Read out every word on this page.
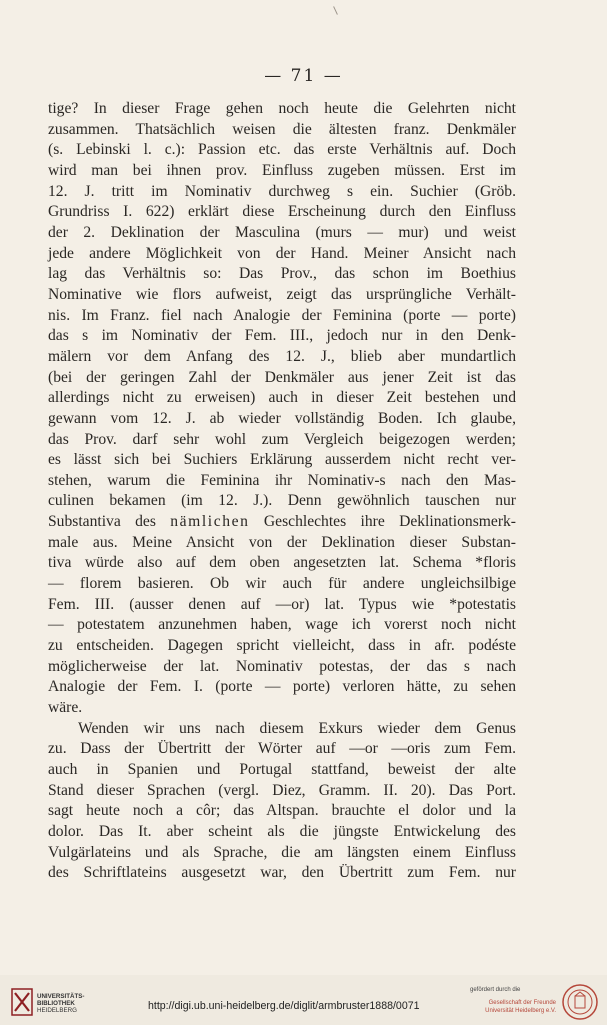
— 71 —
tige? In dieser Frage gehen noch heute die Gelehrten nicht
zusammen. Thatsächlich weisen die ältesten franz. Denkmäler
(s. Lebinski l. c.): Passion etc. das erste Verhältnis auf. Doch
wird man bei ihnen prov. Einfluss zugeben müssen. Erst im
12. J. tritt im Nominativ durchweg s ein. Suchier (Gröb.
Grundriss I. 622) erklärt diese Erscheinung durch den Einfluss
der 2. Deklination der Masculina (murs — mur) und weist
jede andere Möglichkeit von der Hand. Meiner Ansicht nach
lag das Verhältnis so: Das Prov., das schon im Boethius
Nominative wie flors aufweist, zeigt das ursprüngliche Verhält-
nis. Im Franz. fiel nach Analogie der Feminina (porte — porte)
das s im Nominativ der Fem. III., jedoch nur in den Denk-
mälern vor dem Anfang des 12. J., blieb aber mundartlich
(bei der geringen Zahl der Denkmäler aus jener Zeit ist das
allerdings nicht zu erweisen) auch in dieser Zeit bestehen und
gewann vom 12. J. ab wieder vollständig Boden. Ich glaube,
das Prov. darf sehr wohl zum Vergleich beigezogen werden;
es lässt sich bei Suchiers Erklärung ausserdem nicht recht ver-
stehen, warum die Feminina ihr Nominativ-s nach den Mas-
culinen bekamen (im 12. J.). Denn gewöhnlich tauschen nur
Substantiva des nämlichen Geschlechtes ihre Deklinationsmerk-
male aus. Meine Ansicht von der Deklination dieser Substan-
tiva würde also auf dem oben angesetzten lat. Schema *floris
— florem basieren. Ob wir auch für andere ungleichsilbige
Fem. III. (ausser denen auf —or) lat. Typus wie *potestatis
— potestatem anzunehmen haben, wage ich vorerst noch nicht
zu entscheiden. Dagegen spricht vielleicht, dass in afr. podéste
möglicherweise der lat. Nominativ potestas, der das s nach
Analogie der Fem. I. (porte — porte) verloren hätte, zu sehen
wäre.
Wenden wir uns nach diesem Exkurs wieder dem Genus
zu. Dass der Übertritt der Wörter auf —or —oris zum Fem.
auch in Spanien und Portugal stattfand, beweist der alte
Stand dieser Sprachen (vergl. Diez, Gramm. II. 20). Das Port.
sagt heute noch a côr; das Altspan. brauchte el dolor und la
dolor. Das It. aber scheint als die jüngste Entwickelung des
Vulgärlateins und als Sprache, die am längsten einem Einfluss
des Schriftlateins ausgesetzt war, den Übertritt zum Fem. nur
UNIVERSITÄTS-
BIBLIOTHEK
HEIDELBERG	http://digi.ub.uni-heidelberg.de/diglit/armbruster1888/0071
gefördert durch die
Gesellschaft der Freunde
Universität Heidelberg e.V.
